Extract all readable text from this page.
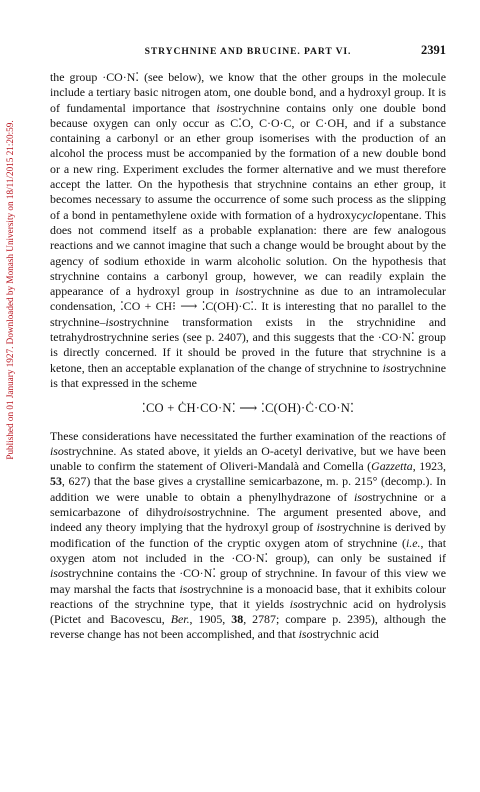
Published on 01 January 1927. Downloaded by Monash University on 18/11/2015 21:20:59.
STRYCHNINE AND BRUCINE. PART VI.	2391

the group ·CO·N⁚ (see below), we know that the other groups in the molecule include a tertiary basic nitrogen atom, one double bond, and a hydroxyl group. It is of fundamental importance that isostrychnine contains only one double bond because oxygen can only occur as C⁚O, C·O·C, or C·OH, and if a substance containing a carbonyl or an ether group isomerises with the production of an alcohol the process must be accompanied by the formation of a new double bond or a new ring. Experiment excludes the former alternative and we must therefore accept the latter. On the hypothesis that strychnine contains an ether group, it becomes necessary to assume the occurrence of some such process as the slipping of a bond in pentamethylene oxide with formation of a hydroxycyclopentane. This does not commend itself as a probable explanation: there are few analogous reactions and we cannot imagine that such a change would be brought about by the agency of sodium ethoxide in warm alcoholic solution. On the hypothesis that strychnine contains a carbonyl group, however, we can readily explain the appearance of a hydroxyl group in isostrychnine as due to an intramolecular condensation, ⁚CO + CH⁝ ⟶ ⁚C(OH)·C⁚. It is interesting that no parallel to the strychnine–isostrychnine transformation exists in the strychnidine and tetrahydrostrychnine series (see p. 2407), and this suggests that the ·CO·N⁚ group is directly concerned. If it should be proved in the future that strychnine is a ketone, then an acceptable explanation of the change of strychnine to isostrychnine is that expressed in the scheme

⁚CO + ĊH·CO·N⁚ ⟶ ⁚C(OH)·Ċ·CO·N⁚

These considerations have necessitated the further examination of the reactions of isostrychnine. As stated above, it yields an O-acetyl derivative, but we have been unable to confirm the statement of Oliveri-Mandalà and Comella (Gazzetta, 1923, 53, 627) that the base gives a crystalline semicarbazone, m. p. 215° (decomp.). In addition we were unable to obtain a phenylhydrazone of isostrychnine or a semicarbazone of dihydroisostrychnine. The argument presented above, and indeed any theory implying that the hydroxyl group of isostrychnine is derived by modification of the function of the cryptic oxygen atom of strychnine (i.e., that oxygen atom not included in the ·CO·N⁚ group), can only be sustained if isostrychnine contains the ·CO·N⁚ group of strychnine. In favour of this view we may marshal the facts that isostrychnine is a monoacid base, that it exhibits colour reactions of the strychnine type, that it yields isostrychnic acid on hydrolysis (Pictet and Bacovescu, Ber., 1905, 38, 2787; compare p. 2395), although the reverse change has not been accomplished, and that isostrychnic acid
